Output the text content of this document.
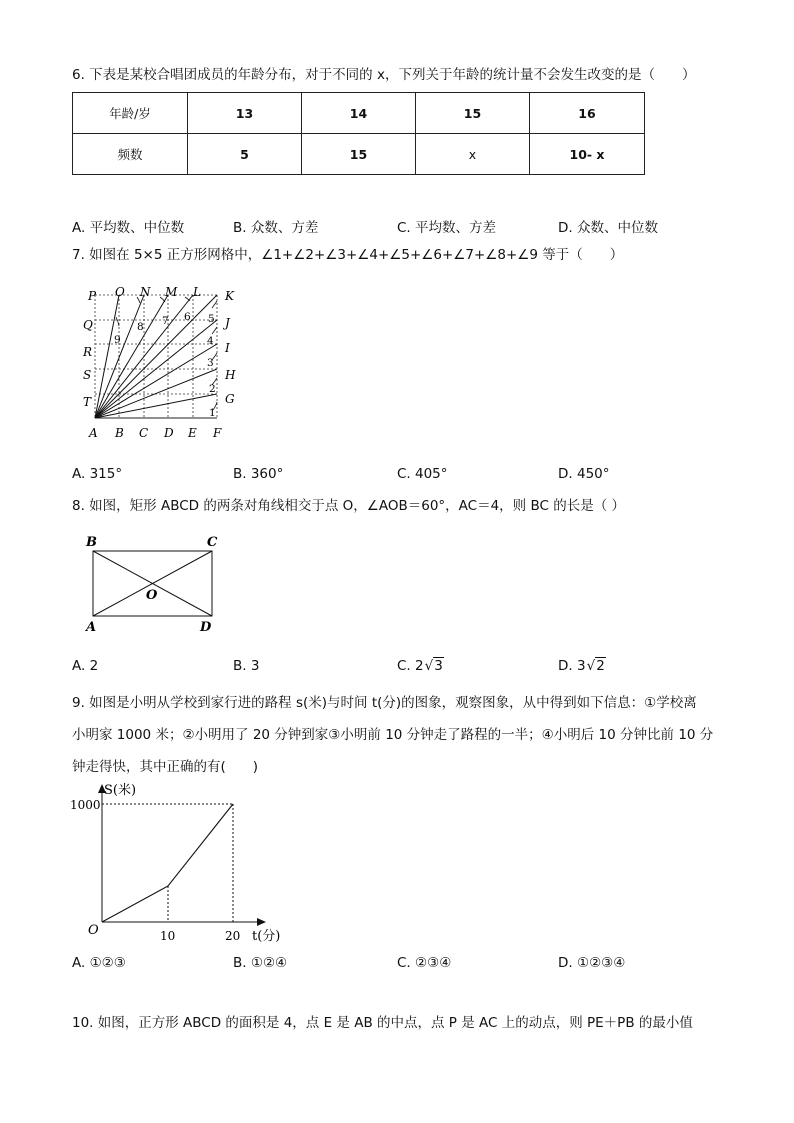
6. 下表是某校合唱团成员的年龄分布，对于不同的 x，下列关于年龄的统计量不会发生改变的是（　　）
年龄/岁	13	14	15	16
频数	5	15	x	10- x
A. 平均数、中位数	B. 众数、方差	C. 平均数、方差	D. 众数、中位数
7. 如图在 5×5 正方形网格中，∠1+∠2+∠3+∠4+∠5+∠6+∠7+∠8+∠9 等于（　　）
P O N M L K
Q
R
S
T
A B C D E F
J
I
H
G
1
2
3
4
5
6
7
8
9
A. 315°	B. 360°	C. 405°	D. 450°
8. 如图，矩形 ABCD 的两条对角线相交于点 O，∠AOB＝60°，AC＝4，则 BC 的长是（ ）
B	C
O
A	D
A. 2	B. 3	C. 2√3	D. 3√2
9. 如图是小明从学校到家行进的路程 s(米)与时间 t(分)的图象，观察图象，从中得到如下信息：①学校离
小明家 1000 米；②小明用了 20 分钟到家③小明前 10 分钟走了路程的一半；④小明后 10 分钟比前 10 分
钟走得快，其中正确的有(　　)
S(米)
1000
O	10	20 t(分)
A. ①②③	B. ①②④	C. ②③④	D. ①②③④
10. 如图，正方形 ABCD 的面积是 4，点 E 是 AB 的中点，点 P 是 AC 上的动点，则 PE＋PB 的最小值
